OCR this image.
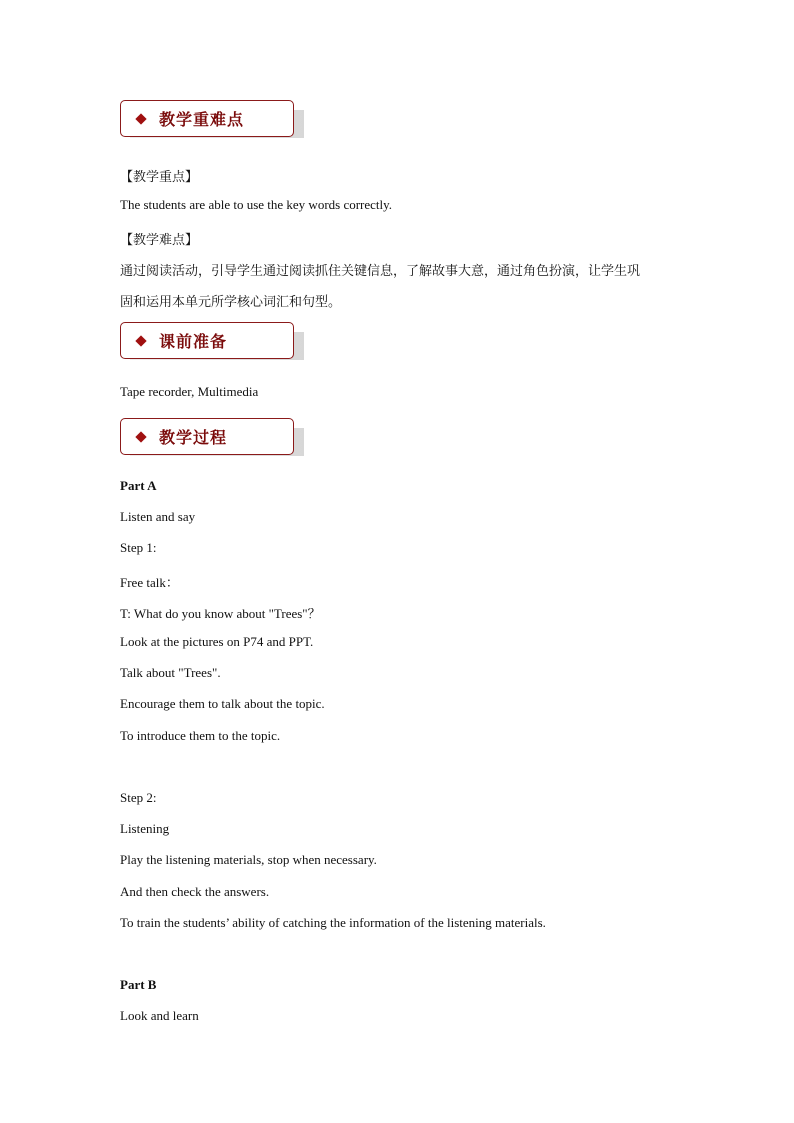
教学重难点
【教学重点】
The students are able to use the key words correctly.
【教学难点】
通过阅读活动，引导学生通过阅读抓住关键信息，了解故事大意，通过角色扮演，让学生巩
固和运用本单元所学核心词汇和句型。
课前准备
Tape recorder, Multimedia
教学过程
Part A
Listen and say
Step 1:
Free talk：
T: What do you know about "Trees"？
Look at the pictures on P74 and PPT.
Talk about "Trees".
Encourage them to talk about the topic.
To introduce them to the topic.
Step 2:
Listening
Play the listening materials, stop when necessary.
And then check the answers.
To train the students’ ability of catching the information of the listening materials.
Part B
Look and learn
